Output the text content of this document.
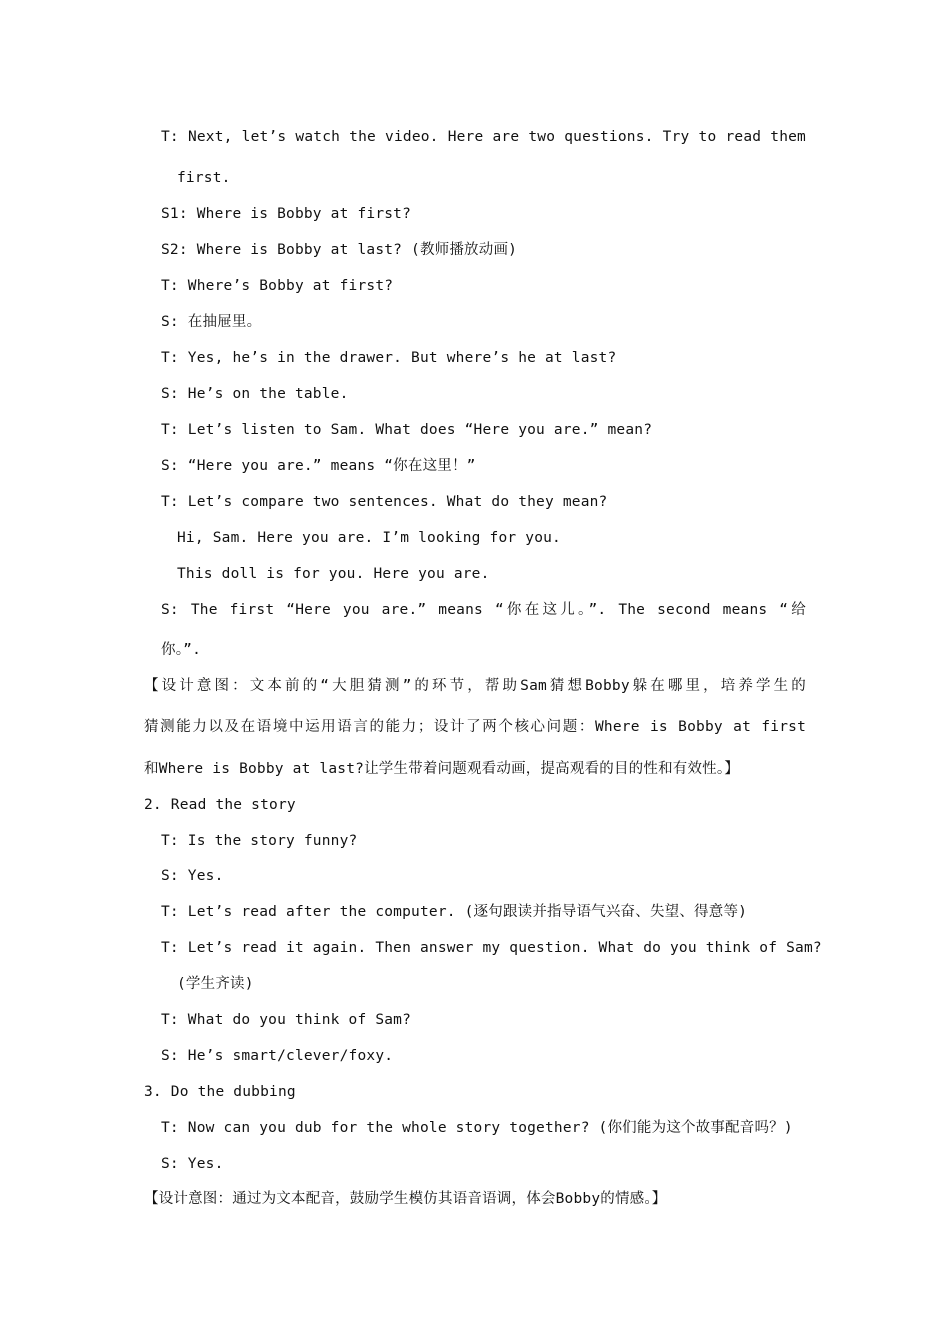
T: Next, let’s watch the video. Here are two questions. Try to read them
first.
S1: Where is Bobby at first?
S2: Where is Bobby at last? (教师播放动画)
T: Where’s Bobby at first?
S: 在抽屉里。
T: Yes, he’s in the drawer. But where’s he at last?
S: He’s on the table.
T: Let’s listen to Sam. What does “Here you are.” mean?
S: “Here you are.” means “你在这里！”
T: Let’s compare two sentences. What do they mean?
Hi, Sam. Here you are. I’m looking for you.
This doll is for you. Here you are.
S: The first “Here you are.” means “你在这儿。”. The second means “给
你。”.
【设计意图：文本前的“大胆猜测”的环节，帮助Sam猜想Bobby躲在哪里，培养学生的
猜测能力以及在语境中运用语言的能力；设计了两个核心问题：Where is Bobby at first
和Where is Bobby at last?让学生带着问题观看动画，提高观看的目的性和有效性。】
2. Read the story
T: Is the story funny?
S: Yes.
T: Let’s read after the computer. (逐句跟读并指导语气兴奋、失望、得意等)
T: Let’s read it again. Then answer my question. What do you think of Sam?
(学生齐读)
T: What do you think of Sam?
S: He’s smart/clever/foxy.
3. Do the dubbing
T: Now can you dub for the whole story together? (你们能为这个故事配音吗？)
S: Yes.
【设计意图：通过为文本配音，鼓励学生模仿其语音语调，体会Bobby的情感。】
